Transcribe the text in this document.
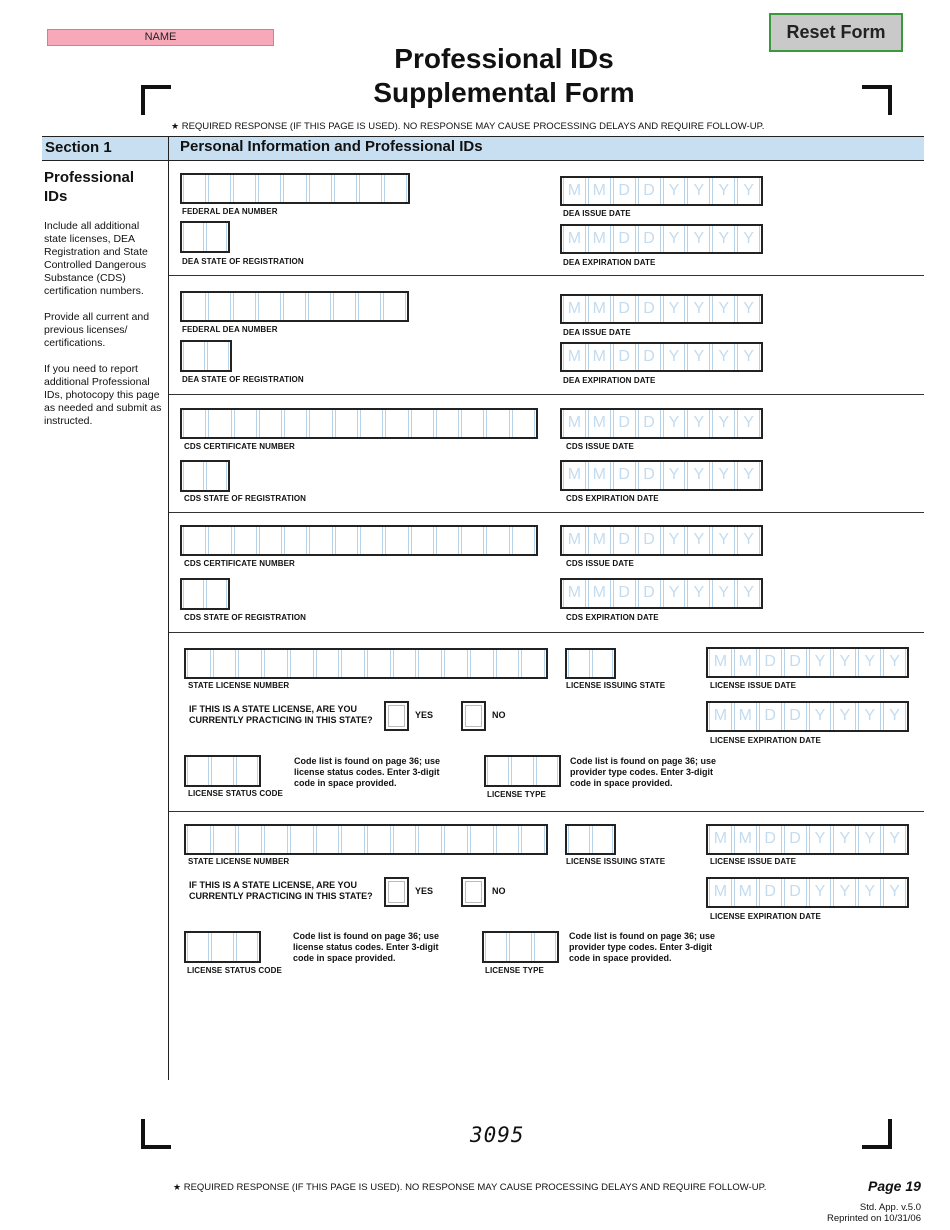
NAME	Reset Form
Professional IDs
Supplemental Form
★ REQUIRED RESPONSE (IF THIS PAGE IS USED). NO RESPONSE MAY CAUSE PROCESSING DELAYS AND REQUIRE FOLLOW-UP.
Section 1	Personal Information and Professional IDs
Professional IDs
Include all additional state licenses, DEA Registration and State Controlled Dangerous Substance (CDS) certification numbers.
Provide all current and previous licenses/ certifications.
If you need to report additional Professional IDs, photocopy this page as needed and submit as instructed.
FEDERAL DEA NUMBER
DEA STATE OF REGISTRATION
M M D D Y Y Y Y
DEA ISSUE DATE
M M D D Y Y Y Y
DEA EXPIRATION DATE
FEDERAL DEA NUMBER
DEA STATE OF REGISTRATION
M M D D Y Y Y Y
DEA ISSUE DATE
M M D D Y Y Y Y
DEA EXPIRATION DATE
CDS CERTIFICATE NUMBER
CDS STATE OF REGISTRATION
M M D D Y Y Y Y
CDS ISSUE DATE
M M D D Y Y Y Y
CDS EXPIRATION DATE
CDS CERTIFICATE NUMBER
CDS STATE OF REGISTRATION
M M D D Y Y Y Y
CDS ISSUE DATE
M M D D Y Y Y Y
CDS EXPIRATION DATE
STATE LICENSE NUMBER	LICENSE ISSUING STATE
M M D D Y Y Y Y
LICENSE ISSUE DATE
IF THIS IS A STATE LICENSE, ARE YOU CURRENTLY PRACTICING IN THIS STATE?	YES	NO	M M D D Y Y Y Y
LICENSE EXPIRATION DATE
LICENSE STATUS CODE
Code list is found on page 36; use license status codes. Enter 3-digit code in space provided.
LICENSE TYPE
Code list is found on page 36; use provider type codes. Enter 3-digit code in space provided.
STATE LICENSE NUMBER	LICENSE ISSUING STATE
M M D D Y Y Y Y
LICENSE ISSUE DATE
IF THIS IS A STATE LICENSE, ARE YOU CURRENTLY PRACTICING IN THIS STATE?	YES	NO	M M D D Y Y Y Y
LICENSE EXPIRATION DATE
LICENSE STATUS CODE
Code list is found on page 36; use license status codes. Enter 3-digit code in space provided.
LICENSE TYPE
Code list is found on page 36; use provider type codes. Enter 3-digit code in space provided.
3095
★ REQUIRED RESPONSE (IF THIS PAGE IS USED). NO RESPONSE MAY CAUSE PROCESSING DELAYS AND REQUIRE FOLLOW-UP.	Page 19
Std. App. v.5.0
Reprinted on 10/31/06
